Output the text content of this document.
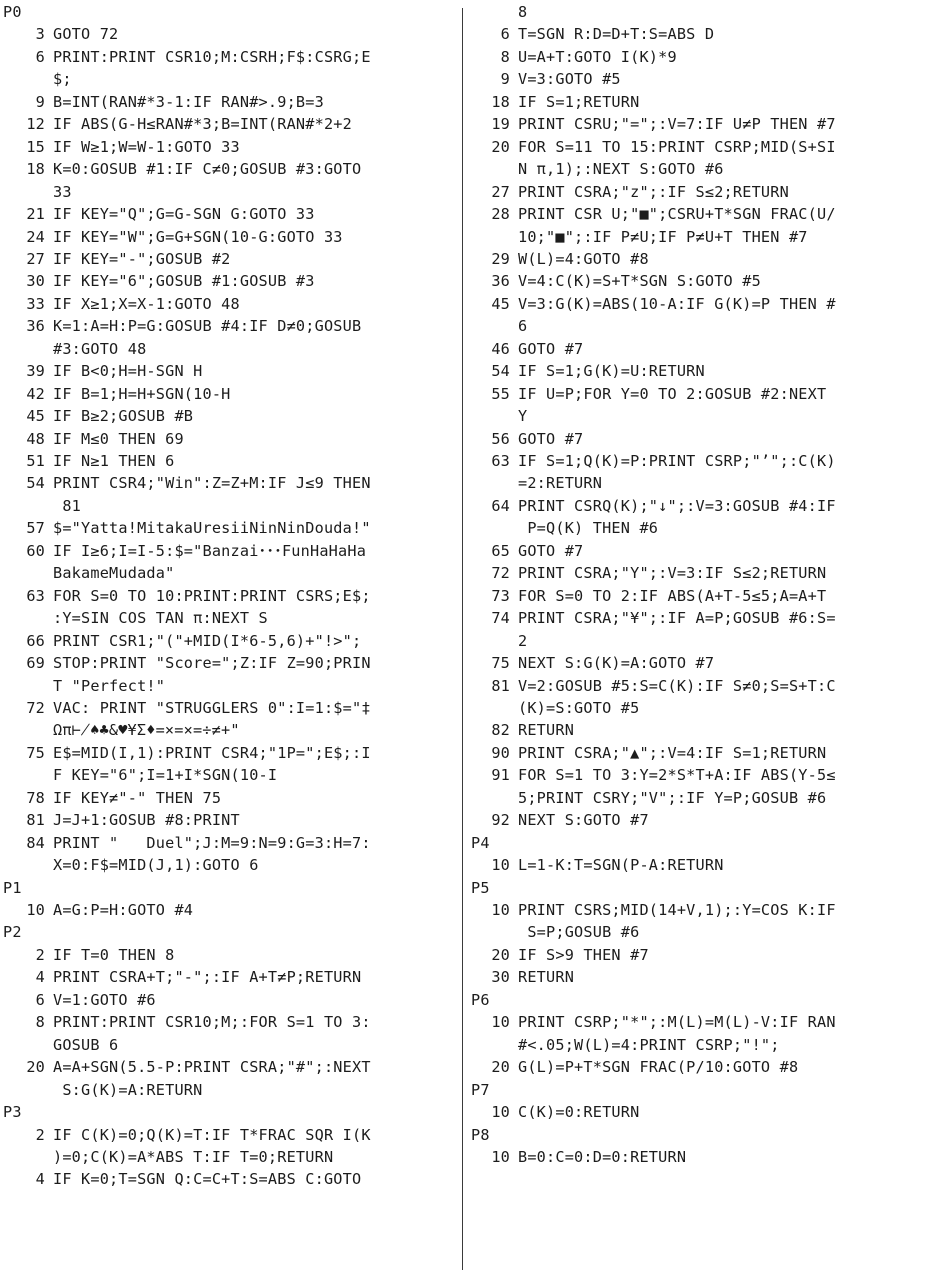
P0
3 GOTO 72
6 PRINT:PRINT CSR10;M:CSRH;F$:CSRG;E
$;
9 B=INT(RAN#*3-1:IF RAN#>.9;B=3
12 IF ABS(G-H≤RAN#*3;B=INT(RAN#*2+2
15 IF W≥1;W=W-1:GOTO 33
18 K=0:GOSUB #1:IF C≠0;GOSUB #3:GOTO
33
21 IF KEY="Q";G=G-SGN G:GOTO 33
24 IF KEY="W";G=G+SGN(10-G:GOTO 33
27 IF KEY="-";GOSUB #2
30 IF KEY="6";GOSUB #1:GOSUB #3
33 IF X≥1;X=X-1:GOTO 48
36 K=1:A=H:P=G:GOSUB #4:IF D≠0;GOSUB
#3:GOTO 48
39 IF B<0;H=H-SGN H
42 IF B=1;H=H+SGN(10-H
45 IF B≥2;GOSUB #B
48 IF M≤0 THEN 69
51 IF N≥1 THEN 6
54 PRINT CSR4;"Win":Z=Z+M:IF J≤9 THEN
81
57 $="Yatta!MitakaUresiiNinNinDouda!"
60 IF I≥6;I=I-5:$="Banzai･･･FunHaHaHa
BakameMudada"
63 FOR S=0 TO 10:PRINT:PRINT CSRS;E$;
:Y=SIN COS TAN π:NEXT S
66 PRINT CSR1;"("+MID(I*6-5,6)+"!>";
69 STOP:PRINT "Score=";Z:IF Z=90;PRIN
T "Perfect!"
72 VAC: PRINT "STRUGGLERS 0":I=1:$="‡
Ωπ⊬♠♣&♥¥Σ♦=×=×=÷≠+"
75 E$=MID(I,1):PRINT CSR4;"1P=";E$;:I
F KEY="6";I=1+I*SGN(10-I
78 IF KEY≠"-" THEN 75
81 J=J+1:GOSUB #8:PRINT
84 PRINT "   Duel";J:M=9:N=9:G=3:H=7:
X=0:F$=MID(J,1):GOTO 6
P1
10 A=G:P=H:GOTO #4
P2
2 IF T=0 THEN 8
4 PRINT CSRA+T;"-";:IF A+T≠P;RETURN
6 V=1:GOTO #6
8 PRINT:PRINT CSR10;M;:FOR S=1 TO 3:
GOSUB 6
20 A=A+SGN(5.5-P:PRINT CSRA;"#";:NEXT
S:G(K)=A:RETURN
P3
2 IF C(K)=0;Q(K)=T:IF T*FRAC SQR I(K
)=0;C(K)=A*ABS T:IF T=0;RETURN
4 IF K=0;T=SGN Q:C=C+T:S=ABS C:GOTO
8
6 T=SGN R:D=D+T:S=ABS D
8 U=A+T:GOTO I(K)*9
9 V=3:GOTO #5
18 IF S=1;RETURN
19 PRINT CSRU;"=";:V=7:IF U≠P THEN #7
20 FOR S=11 TO 15:PRINT CSRP;MID(S+SI
N π,1);:NEXT S:GOTO #6
27 PRINT CSRA;"z";:IF S≤2;RETURN
28 PRINT CSR U;"■";CSRU+T*SGN FRAC(U/
10;"■";:IF P≠U;IF P≠U+T THEN #7
29 W(L)=4:GOTO #8
36 V=4:C(K)=S+T*SGN S:GOTO #5
45 V=3:G(K)=ABS(10-A:IF G(K)=P THEN #
6
46 GOTO #7
54 IF S=1;G(K)=U:RETURN
55 IF U=P;FOR Y=0 TO 2:GOSUB #2:NEXT
Y
56 GOTO #7
63 IF S=1;Q(K)=P:PRINT CSRP;"’";:C(K)
=2:RETURN
64 PRINT CSRQ(K);"↓";:V=3:GOSUB #4:IF
P=Q(K) THEN #6
65 GOTO #7
72 PRINT CSRA;"Y";:V=3:IF S≤2;RETURN
73 FOR S=0 TO 2:IF ABS(A+T-5≤5;A=A+T
74 PRINT CSRA;"¥";:IF A=P;GOSUB #6:S=
2
75 NEXT S:G(K)=A:GOTO #7
81 V=2:GOSUB #5:S=C(K):IF S≠0;S=S+T:C
(K)=S:GOTO #5
82 RETURN
90 PRINT CSRA;"▲";:V=4:IF S=1;RETURN
91 FOR S=1 TO 3:Y=2*S*T+A:IF ABS(Y-5≤
5;PRINT CSRY;"V";:IF Y=P;GOSUB #6
92 NEXT S:GOTO #7
P4
10 L=1-K:T=SGN(P-A:RETURN
P5
10 PRINT CSRS;MID(14+V,1);:Y=COS K:IF
S=P;GOSUB #6
20 IF S>9 THEN #7
30 RETURN
P6
10 PRINT CSRP;"*";:M(L)=M(L)-V:IF RAN
#<.05;W(L)=4:PRINT CSRP;"!";
20 G(L)=P+T*SGN FRAC(P/10:GOTO #8
P7
10 C(K)=0:RETURN
P8
10 B=0:C=0:D=0:RETURN
